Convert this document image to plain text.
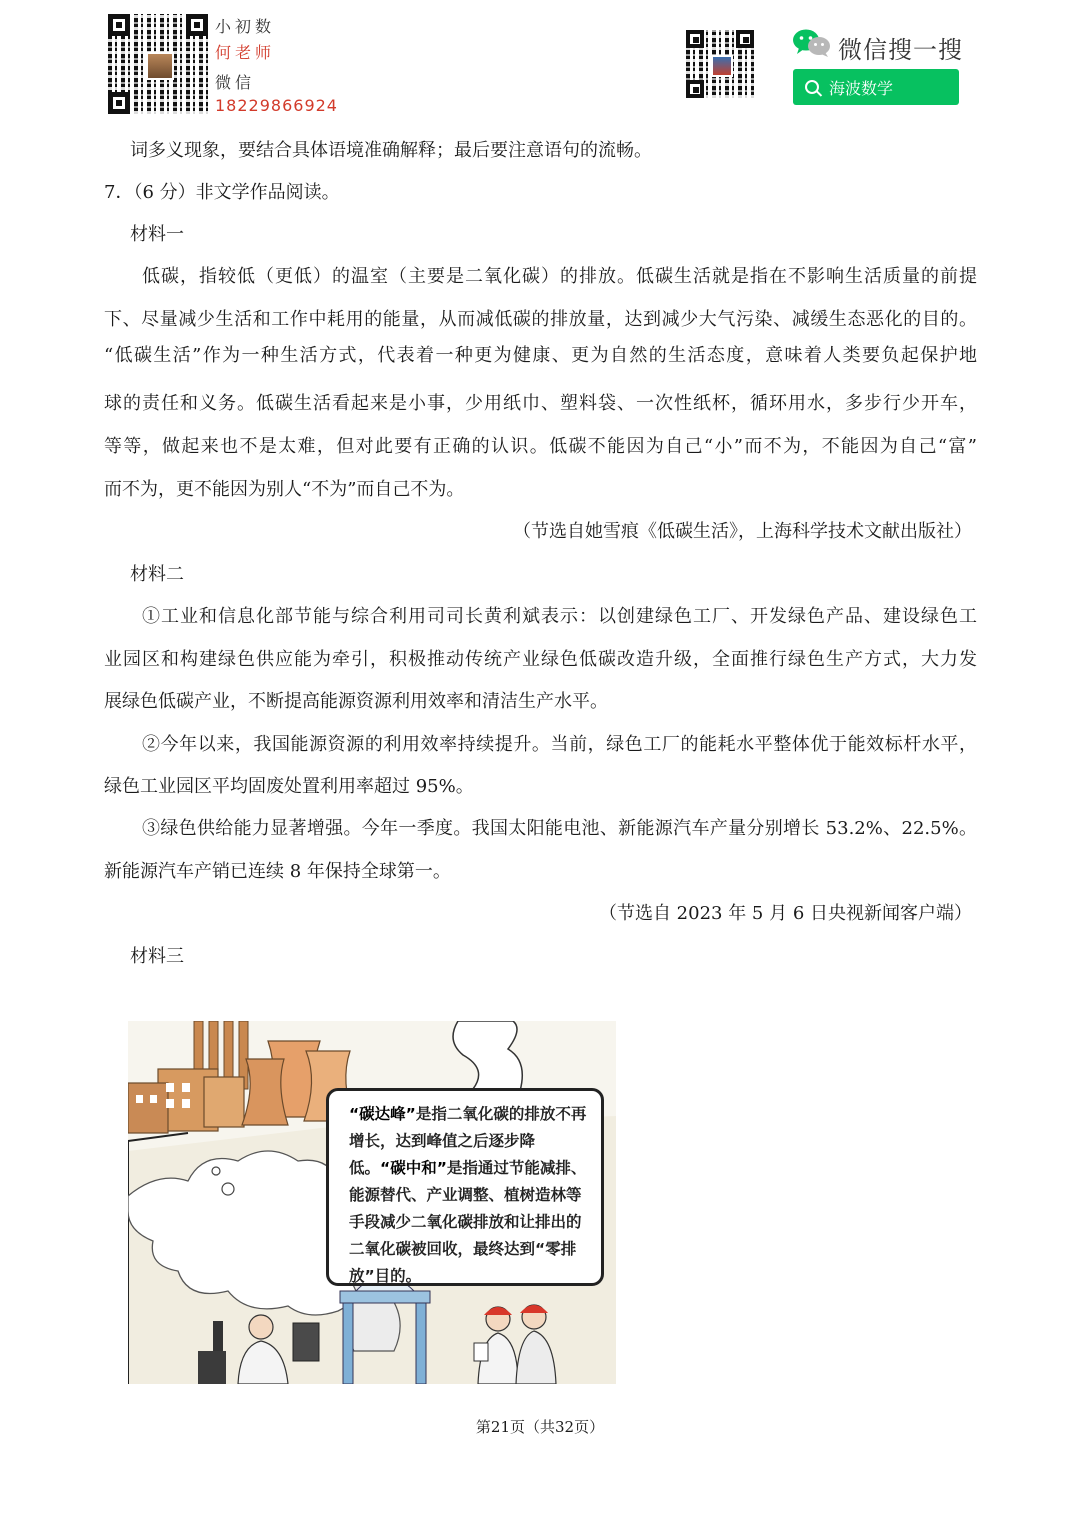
小初数
何老师
微信
18229866924
微信搜一搜
海波数学
词多义现象，要结合具体语境准确解释；最后要注意语句的流畅。
7．（6 分）非文学作品阅读。
材料一
低碳，指较低（更低）的温室（主要是二氧化碳）的排放。低碳生活就是指在不影响生活质量的前提
下、尽量减少生活和工作中耗用的能量，从而减低碳的排放量，达到减少大气污染、减缓生态恶化的目的。
“低碳生活”作为一种生活方式，代表着一种更为健康、更为自然的生活态度，意味着人类要负起保护地
球的责任和义务。低碳生活看起来是小事，少用纸巾、塑料袋、一次性纸杯，循环用水，多步行少开车，
等等，做起来也不是太难，但对此要有正确的认识。低碳不能因为自己“小”而不为，不能因为自己“富”
而不为，更不能因为别人“不为”而自己不为。
（节选自她雪痕《低碳生活》，上海科学技术文献出版社）
材料二
①工业和信息化部节能与综合利用司司长黄利斌表示：以创建绿色工厂、开发绿色产品、建设绿色工
业园区和构建绿色供应能为牵引，积极推动传统产业绿色低碳改造升级，全面推行绿色生产方式，大力发
展绿色低碳产业，不断提高能源资源利用效率和清洁生产水平。
②今年以来，我国能源资源的利用效率持续提升。当前，绿色工厂的能耗水平整体优于能效标杆水平，
绿色工业园区平均固废处置利用率超过 95%。
③绿色供给能力显著增强。今年一季度。我国太阳能电池、新能源汽车产量分别增长 53.2%、22.5%。
新能源汽车产销已连续 8 年保持全球第一。
（节选自 2023 年 5 月 6 日央视新闻客户端）
材料三
“碳达峰”是指二氧化碳的排放不再增长，达到峰值之后逐步降低。“碳中和”是指通过节能减排、能源替代、产业调整、植树造林等手段减少二氧化碳排放和让排出的二氧化碳被回收，最终达到“零排放”目的。
第21页（共32页）
